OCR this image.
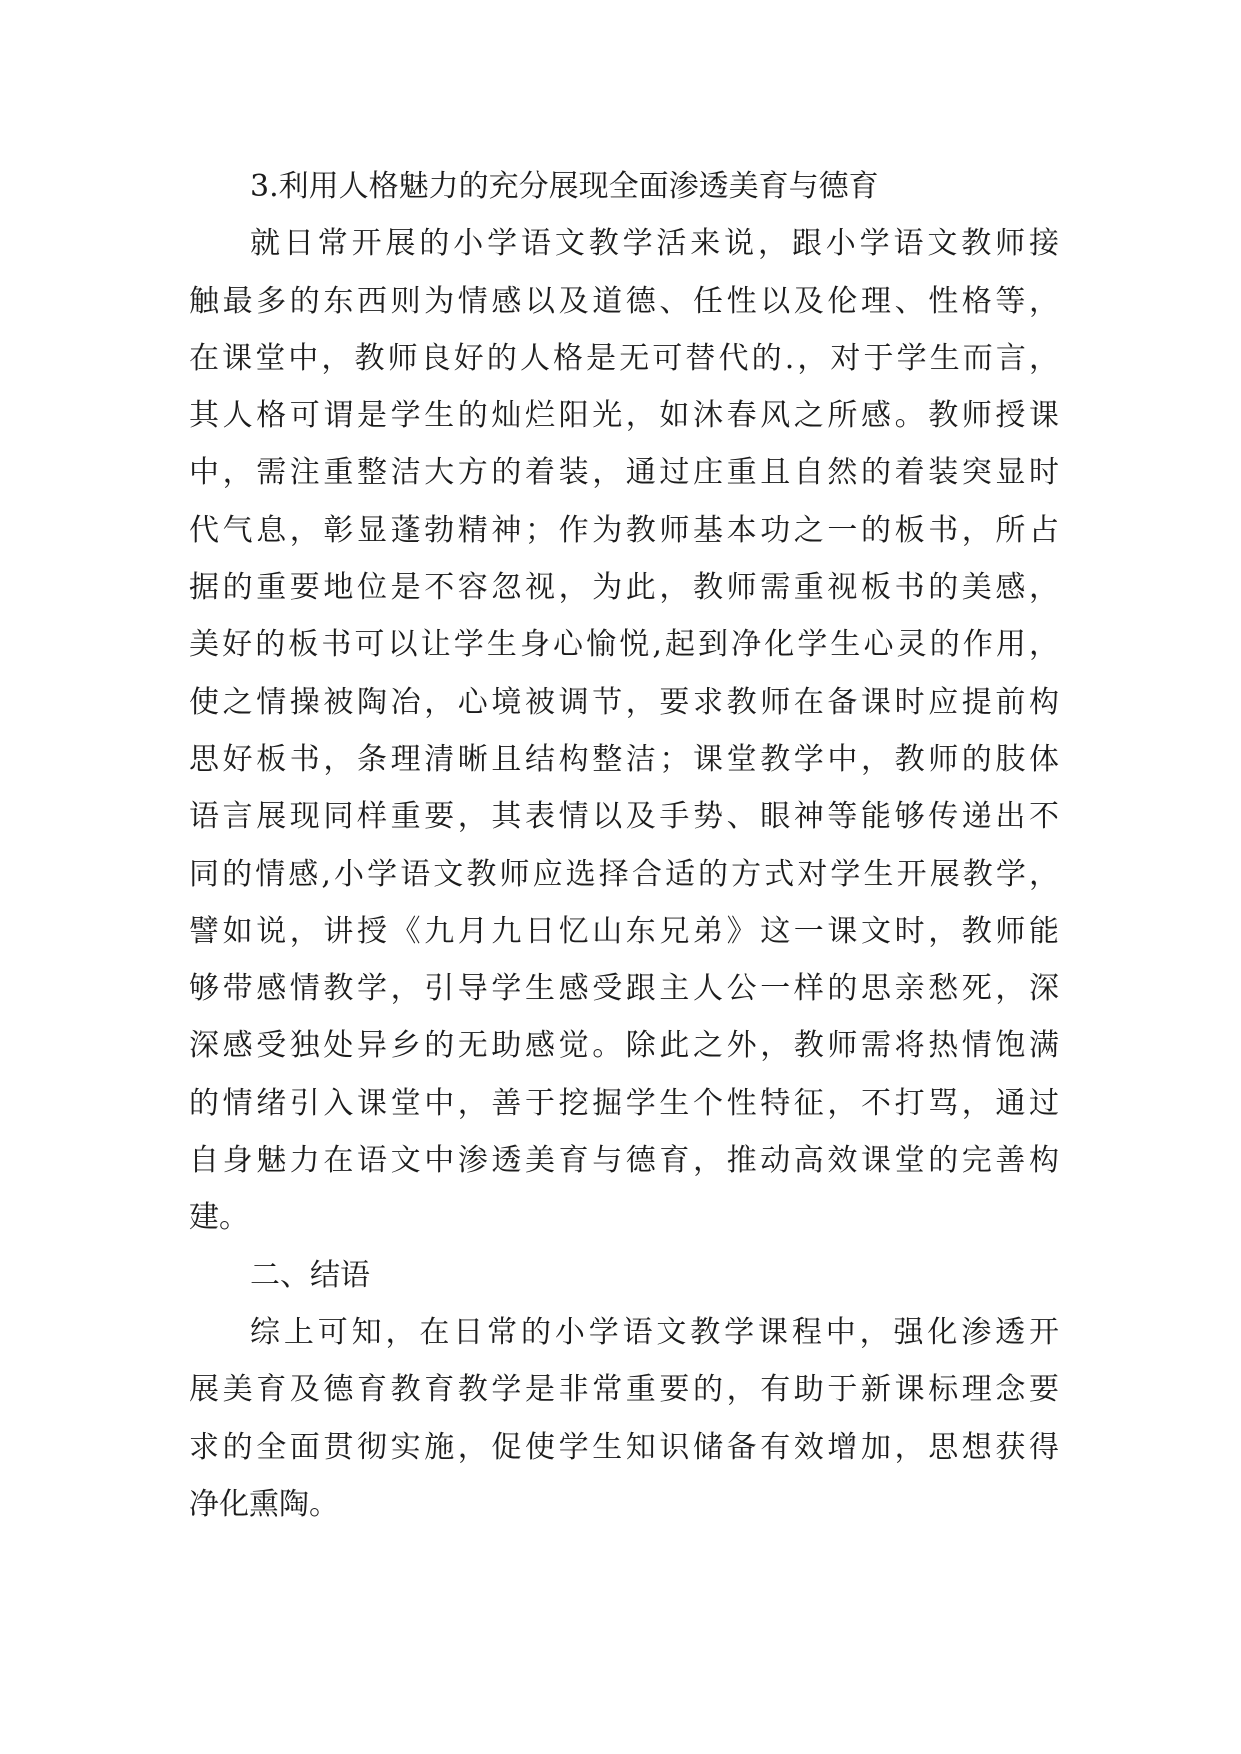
3.利用人格魅力的充分展现全面渗透美育与德育
就日常开展的小学语文教学活来说，跟小学语文教师接
触最多的东西则为情感以及道德、任性以及伦理、性格等，
在课堂中，教师良好的人格是无可替代的.，对于学生而言，
其人格可谓是学生的灿烂阳光，如沐春风之所感。教师授课
中，需注重整洁大方的着装，通过庄重且自然的着装突显时
代气息，彰显蓬勃精神；作为教师基本功之一的板书，所占
据的重要地位是不容忽视，为此，教师需重视板书的美感，
美好的板书可以让学生身心愉悦,起到净化学生心灵的作用，
使之情操被陶冶，心境被调节，要求教师在备课时应提前构
思好板书，条理清晰且结构整洁；课堂教学中，教师的肢体
语言展现同样重要，其表情以及手势、眼神等能够传递出不
同的情感,小学语文教师应选择合适的方式对学生开展教学，
譬如说，讲授《九月九日忆山东兄弟》这一课文时，教师能
够带感情教学，引导学生感受跟主人公一样的思亲愁死，深
深感受独处异乡的无助感觉。除此之外，教师需将热情饱满
的情绪引入课堂中，善于挖掘学生个性特征，不打骂，通过
自身魅力在语文中渗透美育与德育，推动高效课堂的完善构
建。
二、结语
综上可知，在日常的小学语文教学课程中，强化渗透开
展美育及德育教育教学是非常重要的，有助于新课标理念要
求的全面贯彻实施，促使学生知识储备有效增加，思想获得
净化熏陶。
